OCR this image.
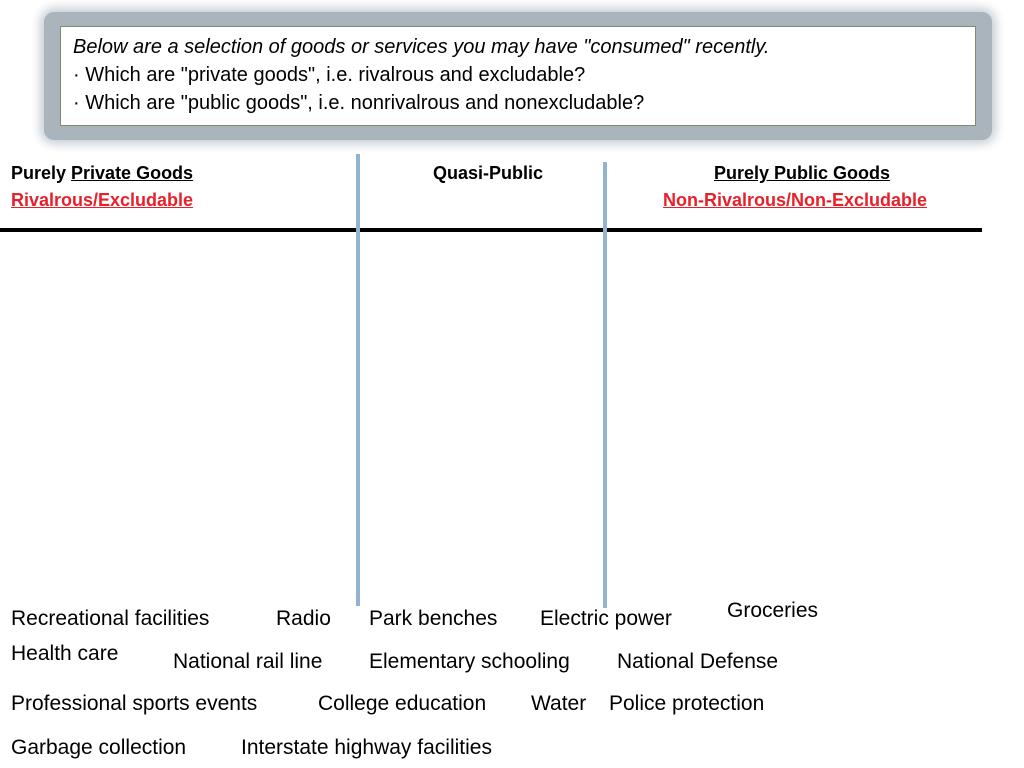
Below are a selection of goods or services you may have "consumed" recently.
· Which are "private goods", i.e. rivalrous and excludable?
· Which are "public goods", i.e. nonrivalrous and nonexcludable?
Purely Private Goods
Rivalrous/Excludable
Quasi-Public	Purely Public Goods
Non-Rivalrous/Non-Excludable
Recreational facilities	Radio Park benches Electric power	Groceries
Health care	National rail line Elementary schooling National Defense
Professional sports events	College education Water Police protection
Garbage collection	Interstate highway facilities
